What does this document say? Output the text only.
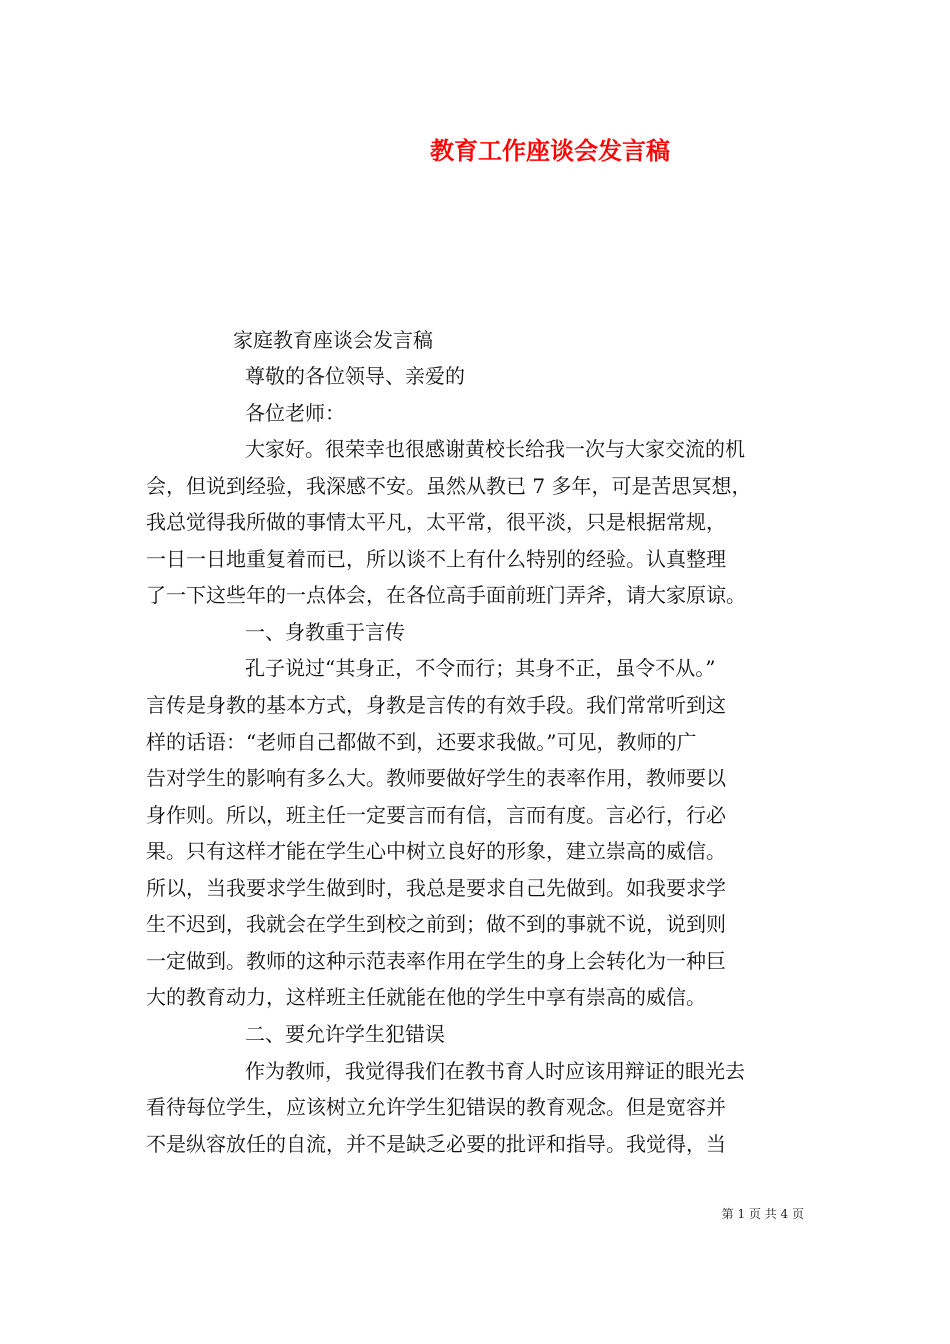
教育工作座谈会发言稿
家庭教育座谈会发言稿
尊敬的各位领导、亲爱的
各位老师：
大家好。很荣幸也很感谢黄校长给我一次与大家交流的机
会，但说到经验，我深感不安。虽然从教已 7 多年，可是苦思冥想，
我总觉得我所做的事情太平凡，太平常，很平淡，只是根据常规，
一日一日地重复着而已，所以谈不上有什么特别的经验。认真整理
了一下这些年的一点体会，在各位高手面前班门弄斧，请大家原谅。
一、身教重于言传
孔子说过“其身正，不令而行；其身不正，虽令不从。”
言传是身教的基本方式，身教是言传的有效手段。我们常常听到这
样的话语：“老师自己都做不到，还要求我做。”可见，教师的广
告对学生的影响有多么大。教师要做好学生的表率作用，教师要以
身作则。所以，班主任一定要言而有信，言而有度。言必行，行必
果。只有这样才能在学生心中树立良好的形象，建立崇高的威信。
所以，当我要求学生做到时，我总是要求自己先做到。如我要求学
生不迟到，我就会在学生到校之前到；做不到的事就不说，说到则
一定做到。教师的这种示范表率作用在学生的身上会转化为一种巨
大的教育动力，这样班主任就能在他的学生中享有崇高的威信。
二、要允许学生犯错误
作为教师，我觉得我们在教书育人时应该用辩证的眼光去
看待每位学生，应该树立允许学生犯错误的教育观念。但是宽容并
不是纵容放任的自流，并不是缺乏必要的批评和指导。我觉得，当
第 1 页 共 4 页
